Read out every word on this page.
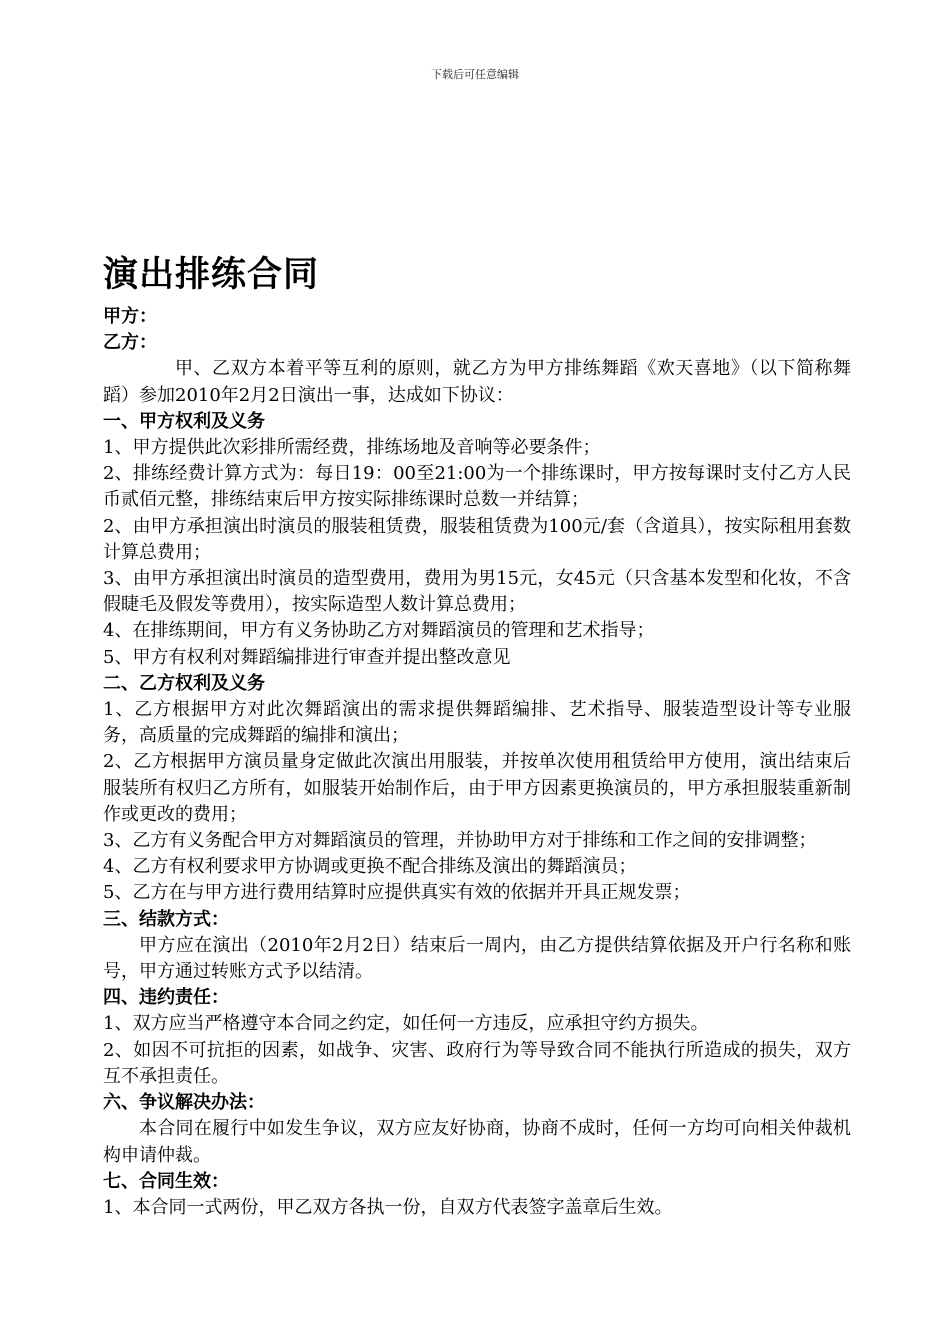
下载后可任意编辑
演出排练合同

甲方：

乙方：

甲、乙双方本着平等互利的原则，就乙方为甲方排练舞蹈《欢天喜地》（以下简称舞蹈）参加2010年2月2日演出一事，达成如下协议：

一、甲方权利及义务

1、甲方提供此次彩排所需经费，排练场地及音响等必要条件；

2、排练经费计算方式为：每日19：00至21:00为一个排练课时，甲方按每课时支付乙方人民币贰佰元整，排练结束后甲方按实际排练课时总数一并结算；

2、由甲方承担演出时演员的服装租赁费，服装租赁费为100元/套（含道具），按实际租用套数计算总费用；

3、由甲方承担演出时演员的造型费用，费用为男15元，女45元（只含基本发型和化妆，不含假睫毛及假发等费用），按实际造型人数计算总费用；

4、在排练期间，甲方有义务协助乙方对舞蹈演员的管理和艺术指导；

5、甲方有权利对舞蹈编排进行审查并提出整改意见

二、乙方权利及义务

1、乙方根据甲方对此次舞蹈演出的需求提供舞蹈编排、艺术指导、服装造型设计等专业服务，高质量的完成舞蹈的编排和演出；

2、乙方根据甲方演员量身定做此次演出用服装，并按单次使用租赁给甲方使用，演出结束后服装所有权归乙方所有，如服装开始制作后，由于甲方因素更换演员的，甲方承担服装重新制作或更改的费用；

3、乙方有义务配合甲方对舞蹈演员的管理，并协助甲方对于排练和工作之间的安排调整；

4、乙方有权利要求甲方协调或更换不配合排练及演出的舞蹈演员；

5、乙方在与甲方进行费用结算时应提供真实有效的依据并开具正规发票；

三、结款方式：

甲方应在演出（2010年2月2日）结束后一周内，由乙方提供结算依据及开户行名称和账号，甲方通过转账方式予以结清。

四、违约责任：

1、双方应当严格遵守本合同之约定，如任何一方违反，应承担守约方损失。

2、如因不可抗拒的因素，如战争、灾害、政府行为等导致合同不能执行所造成的损失，双方互不承担责任。

六、争议解决办法：

本合同在履行中如发生争议，双方应友好协商，协商不成时，任何一方均可向相关仲裁机构申请仲裁。

七、合同生效：

1、本合同一式两份，甲乙双方各执一份，自双方代表签字盖章后生效。
